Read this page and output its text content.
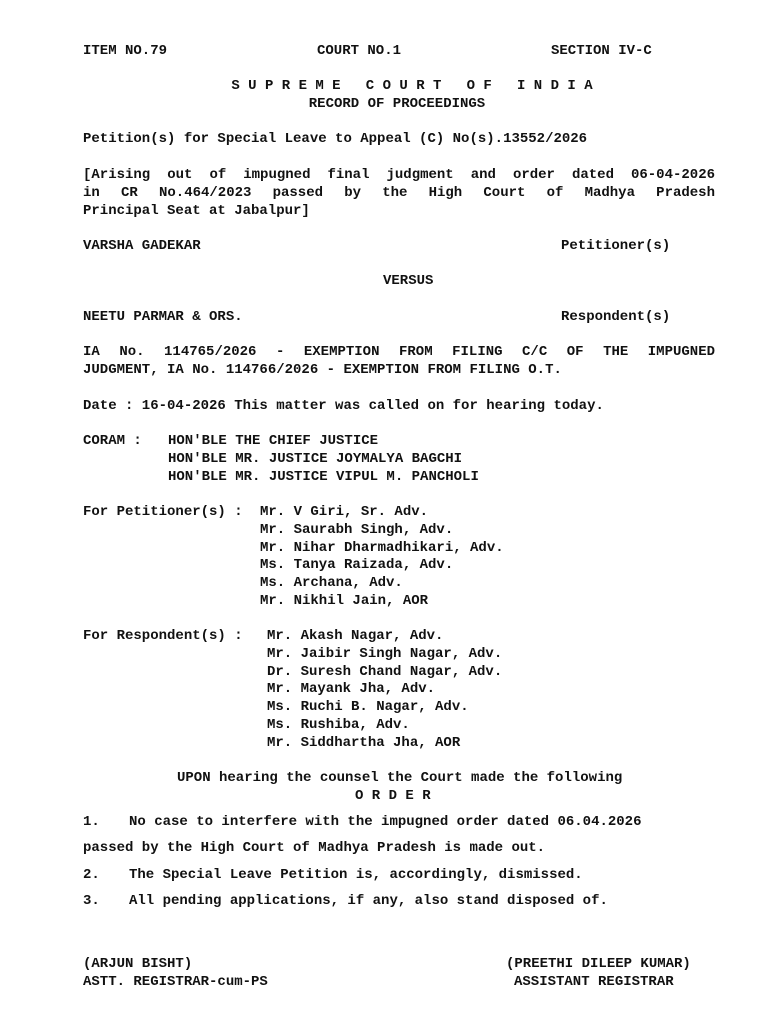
ITEM NO.79	COURT NO.1	SECTION IV-C
S U P R E M E   C O U R T   O F   I N D I A
RECORD OF PROCEEDINGS
Petition(s) for Special Leave to Appeal (C) No(s).13552/2026
[Arising out of impugned final judgment and order dated 06-04-2026
in CR No.464/2023 passed by the High Court of Madhya Pradesh
Principal Seat at Jabalpur]
VARSHA GADEKAR	Petitioner(s)
VERSUS
NEETU PARMAR & ORS.	Respondent(s)
IA No. 114765/2026 - EXEMPTION FROM FILING C/C OF THE IMPUGNED
JUDGMENT, IA No. 114766/2026 - EXEMPTION FROM FILING O.T.
Date : 16-04-2026 This matter was called on for hearing today.
CORAM : HON'BLE THE CHIEF JUSTICE
HON'BLE MR. JUSTICE JOYMALYA BAGCHI
HON'BLE MR. JUSTICE VIPUL M. PANCHOLI
For Petitioner(s) : Mr. V Giri, Sr. Adv.
Mr. Saurabh Singh, Adv.
Mr. Nihar Dharmadhikari, Adv.
Ms. Tanya Raizada, Adv.
Ms. Archana, Adv.
Mr. Nikhil Jain, AOR
For Respondent(s) : Mr. Akash Nagar, Adv.
Mr. Jaibir Singh Nagar, Adv.
Dr. Suresh Chand Nagar, Adv.
Mr. Mayank Jha, Adv.
Ms. Ruchi B. Nagar, Adv.
Ms. Rushiba, Adv.
Mr. Siddhartha Jha, AOR
UPON hearing the counsel the Court made the following
O R D E R
1. No case to interfere with the impugned order dated 06.04.2026
passed by the High Court of Madhya Pradesh is made out.
2. The Special Leave Petition is, accordingly, dismissed.
3. All pending applications, if any, also stand disposed of.
(ARJUN BISHT)
ASTT. REGISTRAR-cum-PS
(PREETHI DILEEP KUMAR)
ASSISTANT REGISTRAR
